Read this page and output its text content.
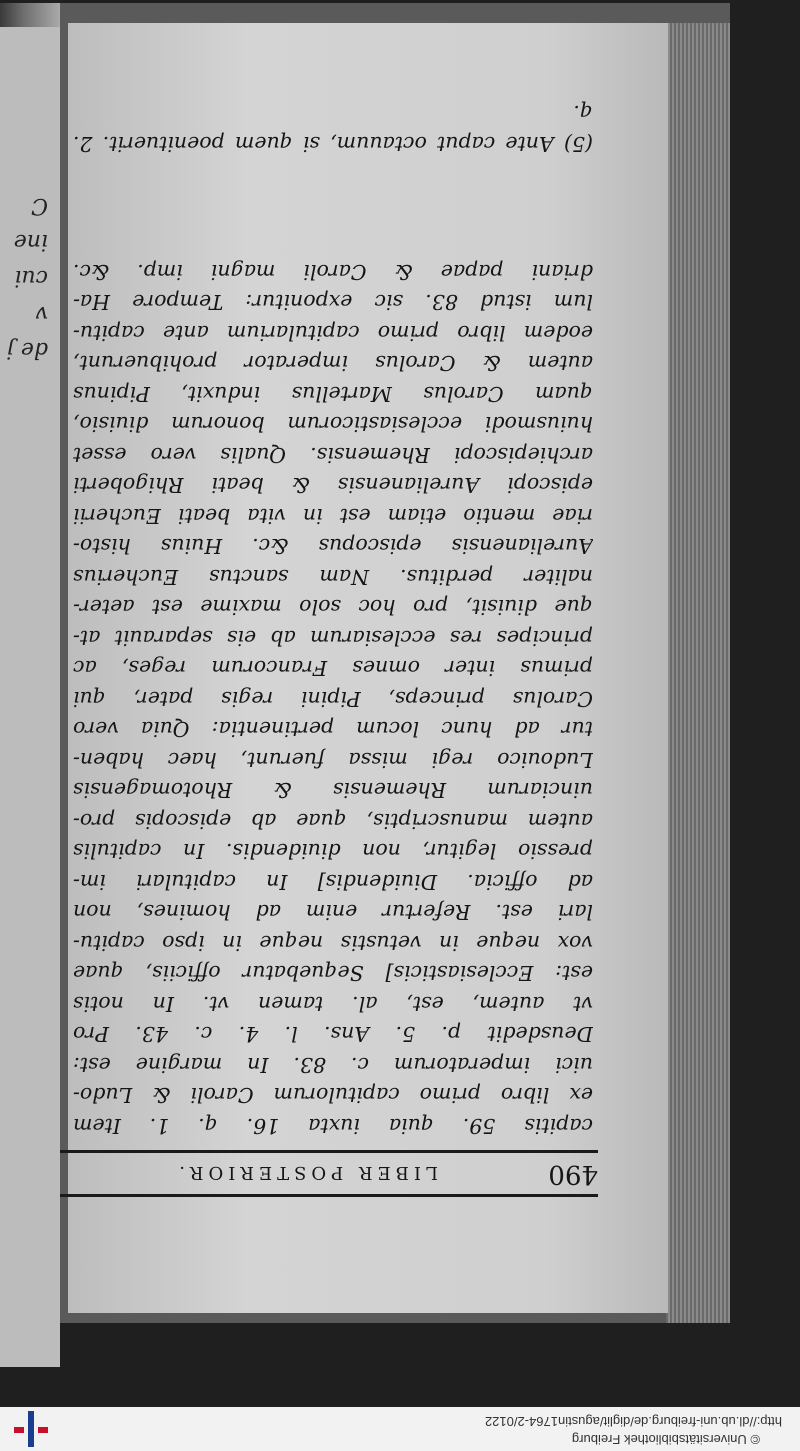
© Universitätsbibliothek Freiburg
http://dl.ub.uni-freiburg.de/diglit/agustin1764-2/0122
490
LIBER POSTERIOR.
capitis 59. quia iuxta 16. q. 1. Item
ex libro primo capitulorum Caroli & Ludo-
uici imperatorum c. 83. In margine est:
Deusdedit p. 5. Ans. l. 4. c. 43. Pro
vt autem, est, al. tamen vt. In notis
est: Ecclesiasticis] Sequebatur officiis, quae
vox neque in vetustis neque in ipso capitu-
lari est. Refertur enim ad homines, non
ad officia. Diuidendis] In capitulari im-
pressio legitur, non diuidendis. In capitulis
autem manuscriptis, quae ab episcopis pro-
uinciarum Rhemensis & Rhotomagensis
Ludouico regi missa fuerunt, haec haben-
tur ad hunc locum pertinentia: Quia vero
Carolus princeps, Pipini regis pater, qui
primus inter omnes Francorum reges, ac
principes res ecclesiarum ab eis separauit at-
que diuisit, pro hoc solo maxime est aeter-
naliter perditus. Nam sanctus Eucherius
Aurelianensis episcopus &c. Huius histo-
riae mentio etiam est in vita beati Eucherii
episcopi Aurelianensis & beati Rhigoberti
archiepiscopi Rhemensis. Qualis vero esset
huiusmodi ecclesiasticorum bonorum diuisio,
quam Carolus Martellus induxit, Pipinus
autem & Carolus imperator prohibuerunt,
eodem libro primo capitularium ante capitu-
lum istud 83. sic exponitur: Tempore Ha-
driani papae & Caroli magni imp. &c.
(5) Ante caput octauum, si quem poenituerit. 2.
q.
de j
v
cui
ine
C
